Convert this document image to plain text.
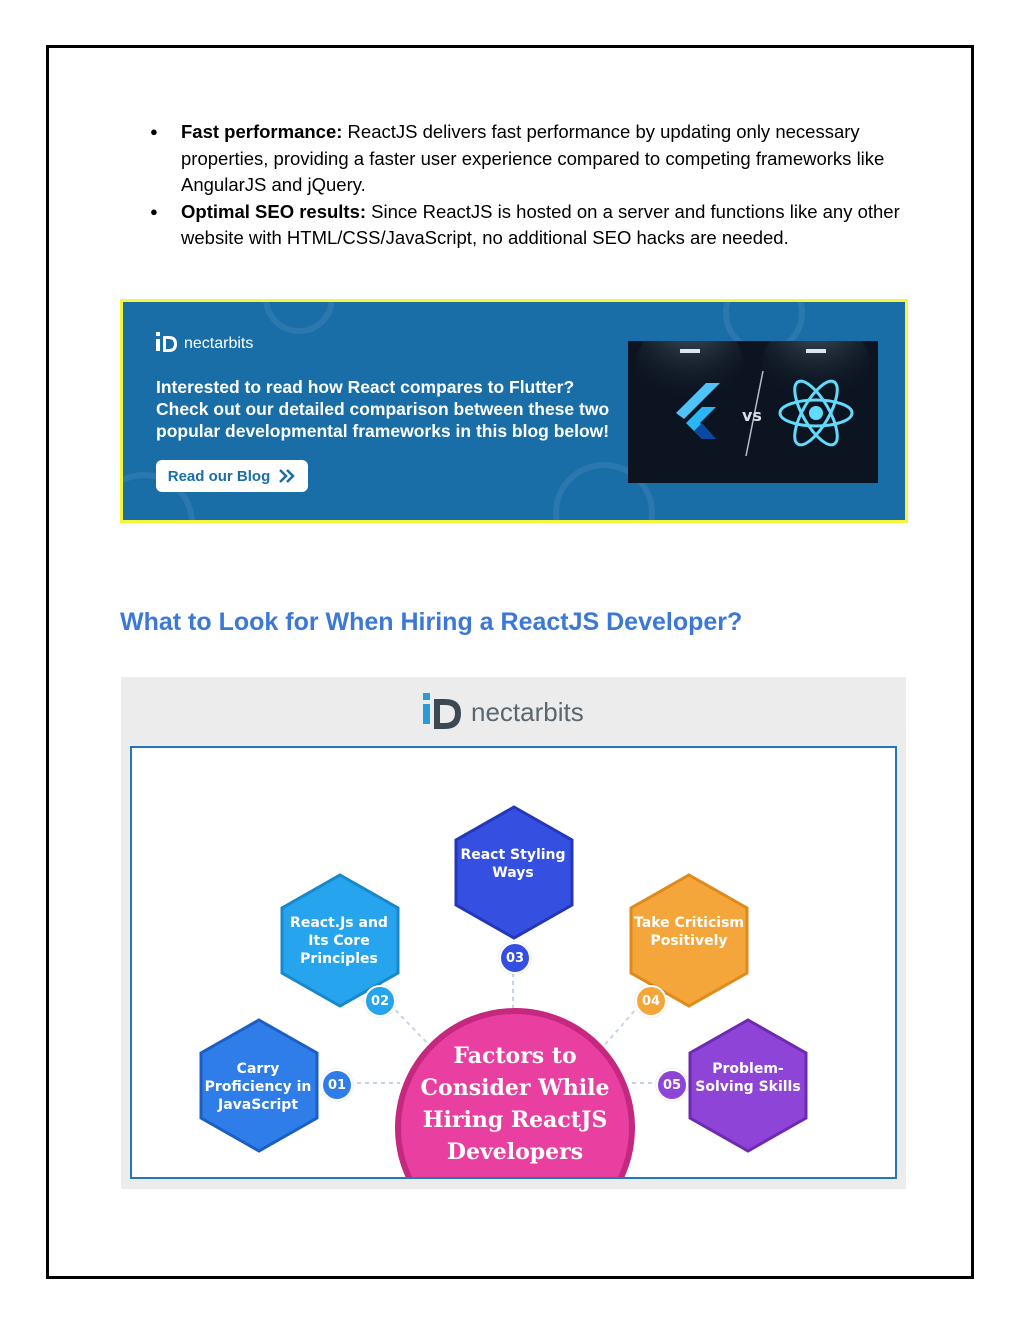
● Fast performance: ReactJS delivers fast performance by updating only necessary properties, providing a faster user experience compared to competing frameworks like AngularJS and jQuery.
● Optimal SEO results: Since ReactJS is hosted on a server and functions like any other website with HTML/CSS/JavaScript, no additional SEO hacks are needed.
nectarbits
Interested to read how React compares to Flutter?
Check out our detailed comparison between these two popular developmental frameworks in this blog below!
Read our Blog
vs
What to Look for When Hiring a ReactJS Developer?
nectarbits
Carry Proficiency in JavaScript
React.Js and Its Core Principles
React Styling Ways
Take Criticism Positively
Problem-Solving Skills
01
02
03
04
05
Factors to
Consider While
Hiring ReactJS
Developers
